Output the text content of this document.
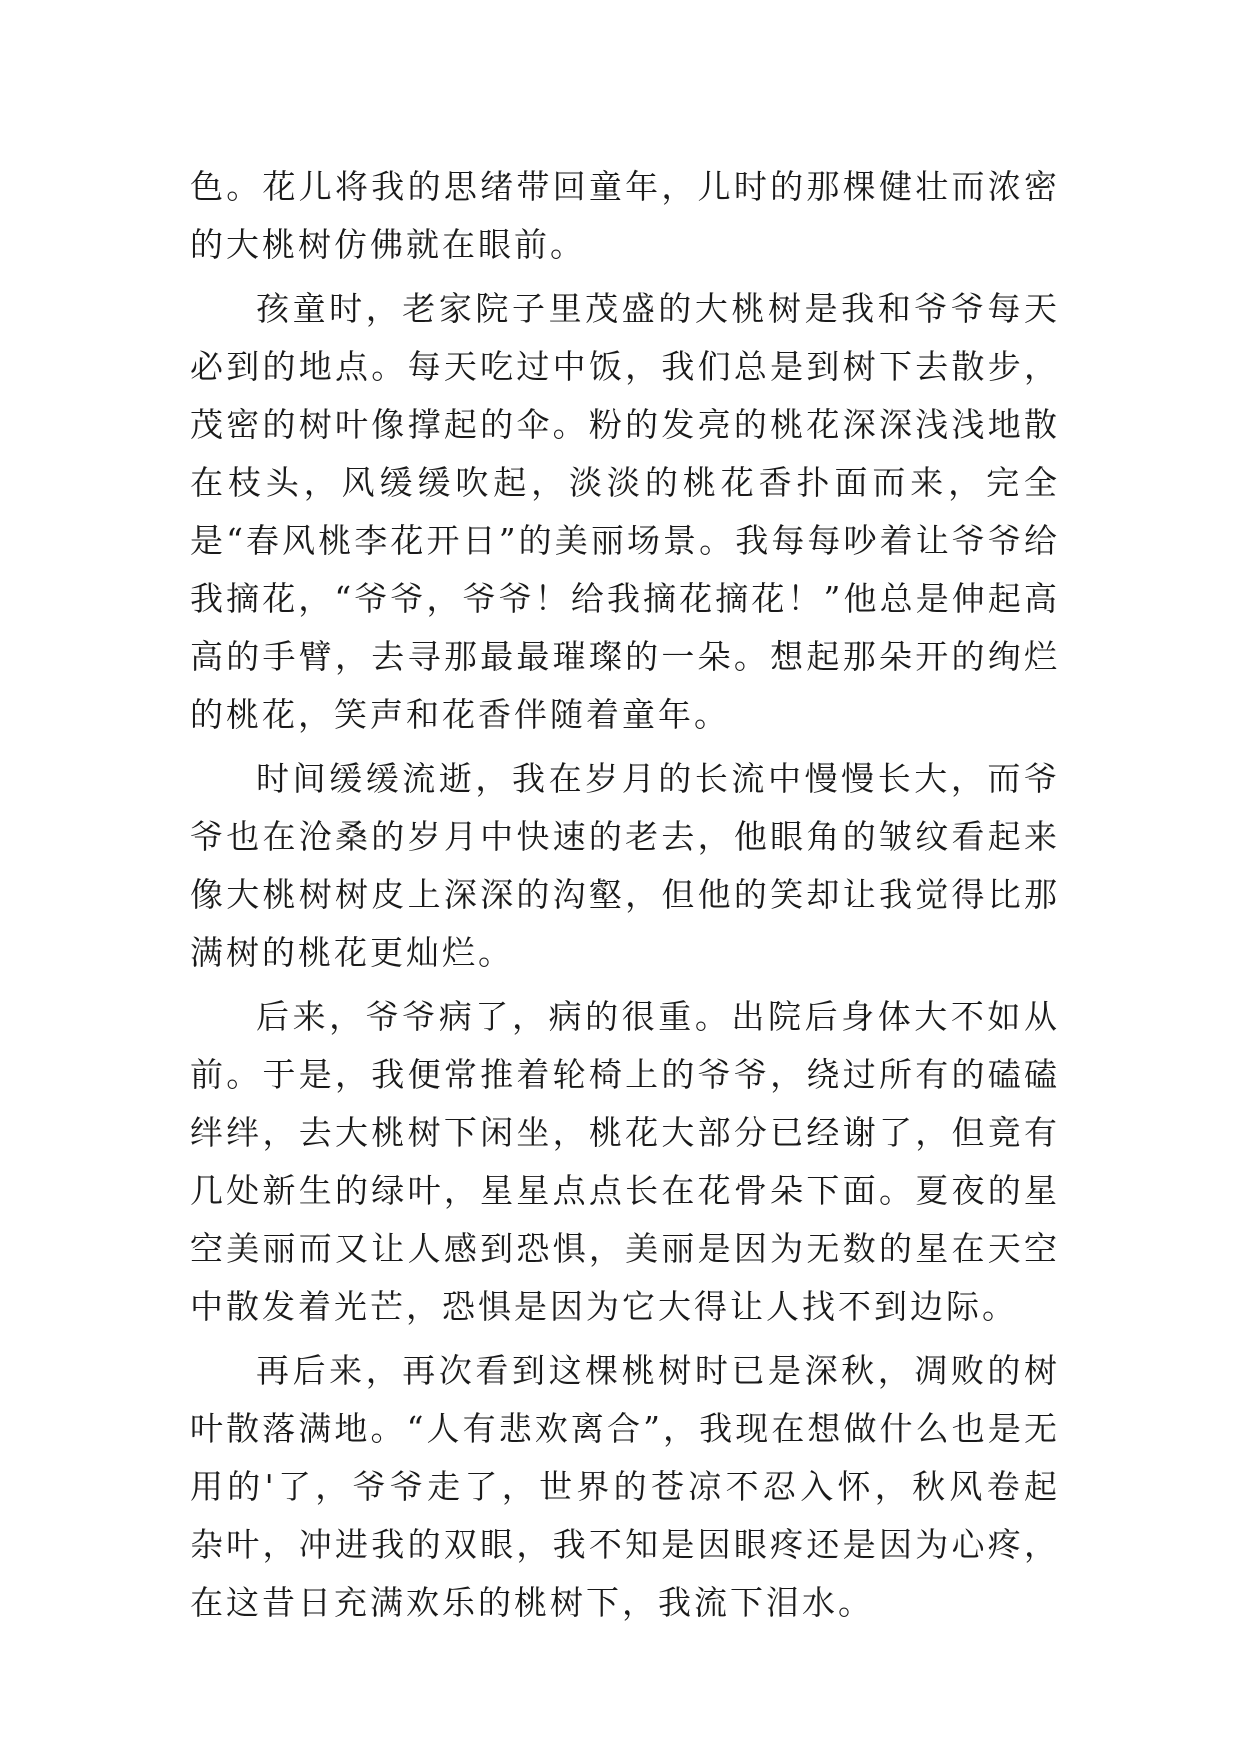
色。花儿将我的思绪带回童年，儿时的那棵健壮而浓密的大桃树仿佛就在眼前。

孩童时，老家院子里茂盛的大桃树是我和爷爷每天必到的地点。每天吃过中饭，我们总是到树下去散步，茂密的树叶像撑起的伞。粉的发亮的桃花深深浅浅地散在枝头，风缓缓吹起，淡淡的桃花香扑面而来，完全是“春风桃李花开日”的美丽场景。我每每吵着让爷爷给我摘花，“爷爷，爷爷！给我摘花摘花！”他总是伸起高高的手臂，去寻那最最璀璨的一朵。想起那朵开的绚烂的桃花，笑声和花香伴随着童年。

时间缓缓流逝，我在岁月的长流中慢慢长大，而爷爷也在沧桑的岁月中快速的老去，他眼角的皱纹看起来像大桃树树皮上深深的沟壑，但他的笑却让我觉得比那满树的桃花更灿烂。

后来，爷爷病了，病的很重。出院后身体大不如从前。于是，我便常推着轮椅上的爷爷，绕过所有的磕磕绊绊，去大桃树下闲坐，桃花大部分已经谢了，但竟有几处新生的绿叶，星星点点长在花骨朵下面。夏夜的星空美丽而又让人感到恐惧，美丽是因为无数的星在天空中散发着光芒，恐惧是因为它大得让人找不到边际。

再后来，再次看到这棵桃树时已是深秋，凋败的树叶散落满地。“人有悲欢离合”，我现在想做什么也是无用的'了，爷爷走了，世界的苍凉不忍入怀，秋风卷起杂叶，冲进我的双眼，我不知是因眼疼还是因为心疼，在这昔日充满欢乐的桃树下，我流下泪水。
